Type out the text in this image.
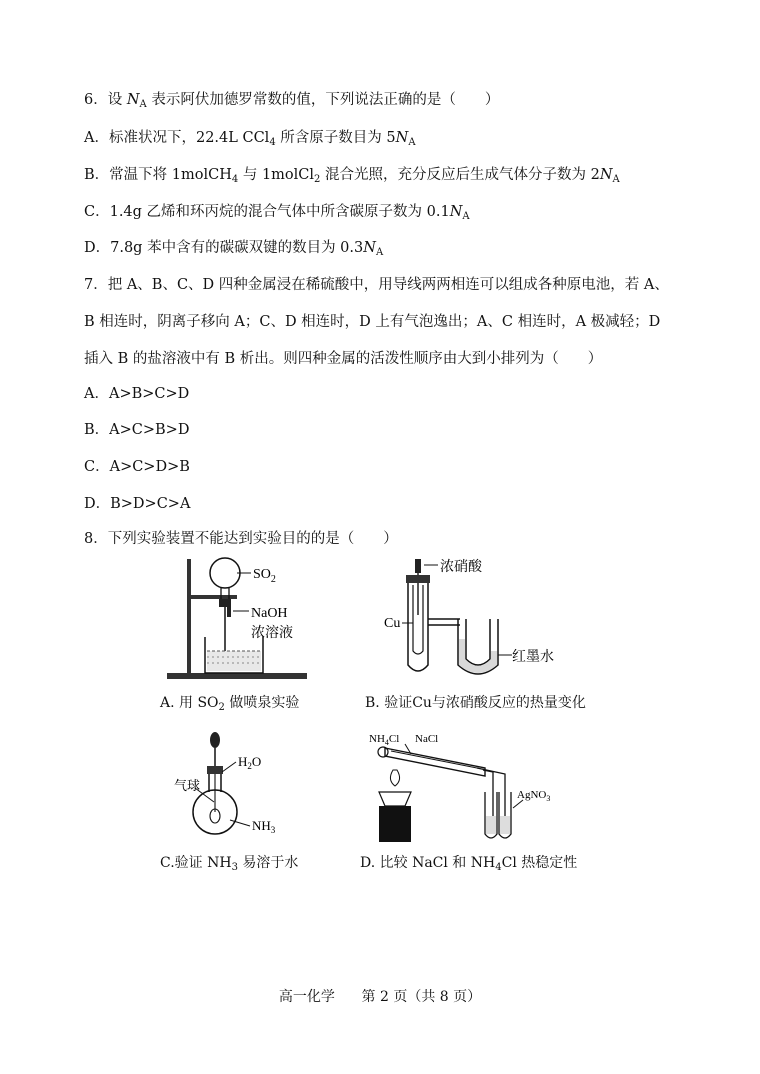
6．设 $N_A$ 表示阿伏加德罗常数的值，下列说法正确的是（　　）
A．标准状况下，22.4L CCl$_4$ 所含原子数目为 $5N_A$
B．常温下将 1molCH$_4$ 与 1molCl$_2$ 混合光照，充分反应后生成气体分子数为 $2N_A$
C．1.4g 乙烯和环丙烷的混合气体中所含碳原子数为 $0.1N_A$
D．7.8g 苯中含有的碳碳双键的数目为 $0.3N_A$
7．把 A、B、C、D 四种金属浸在稀硫酸中，用导线两两相连可以组成各种原电池，若 A、
B 相连时，阴离子移向 A；C、D 相连时，D 上有气泡逸出；A、C 相连时，A 极减轻；D
插入 B 的盐溶液中有 B 析出。则四种金属的活泼性顺序由大到小排列为（　　）
A．A>B>C>D
B．A>C>B>D
C．A>C>D>B
D．B>D>C>A
8．下列实验装置不能达到实验目的的是（　　）
$SO_2$
NaOH
浓溶液
A. 用 $SO_2$ 做喷泉实验
浓硝酸
Cu
红墨水
B. 验证Cu与浓硝酸反应的热量变化
气球
$H_2O$
$NH_3$
C.验证 $NH_3$ 易溶于水
$NH_4Cl$ NaCl
AgNO$_3$
D. 比较 NaCl 和 $NH_4Cl$ 热稳定性
高一化学 第 2 页（共 8 页）
